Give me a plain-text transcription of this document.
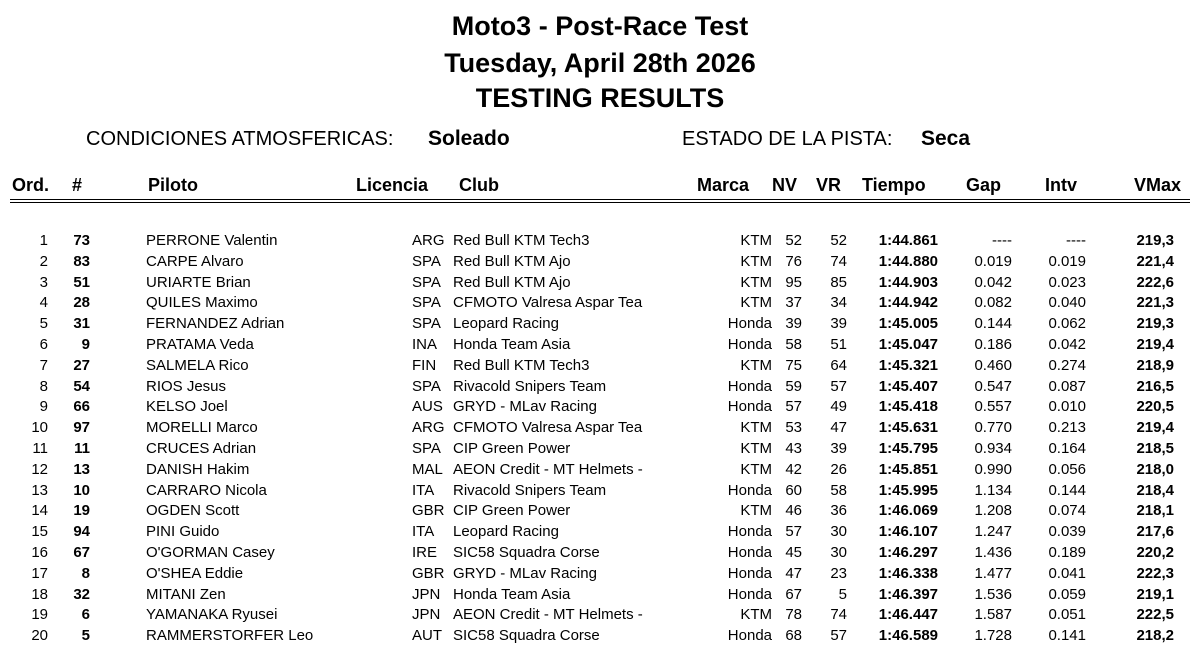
Moto3 - Post-Race Test
Tuesday, April 28th 2026
TESTING RESULTS
CONDICIONES ATMOSFERICAS: Soleado	ESTADO DE LA PISTA: Seca
Ord. #	Piloto	Licencia Club	Marca NV VR Tiempo Gap Intv	VMax
1 73	PERRONE Valentin	ARG Red Bull KTM Tech3	KTM 52 52 1:44.861	----	----	219,3
2 83	CARPE Alvaro	SPA Red Bull KTM Ajo	KTM 76 74 1:44.880 0.019 0.019	221,4
3 51	URIARTE Brian	SPA Red Bull KTM Ajo	KTM 95 85 1:44.903 0.042 0.023	222,6
4 28	QUILES Maximo	SPA CFMOTO Valresa Aspar Tea	KTM 37 34 1:44.942 0.082 0.040	221,3
5 31	FERNANDEZ Adrian	SPA Leopard Racing	Honda 39 39 1:45.005 0.144 0.062	219,3
6 9	PRATAMA Veda	INA Honda Team Asia	Honda 58 51 1:45.047 0.186 0.042	219,4
7 27	SALMELA Rico	FIN Red Bull KTM Tech3	KTM 75 64 1:45.321 0.460 0.274	218,9
8 54	RIOS Jesus	SPA Rivacold Snipers Team	Honda 59 57 1:45.407 0.547 0.087	216,5
9 66	KELSO Joel	AUS GRYD - MLav Racing	Honda 57 49 1:45.418 0.557 0.010	220,5
10 97	MORELLI Marco	ARG CFMOTO Valresa Aspar Tea	KTM 53 47 1:45.631 0.770 0.213	219,4
11 11	CRUCES Adrian	SPA CIP Green Power	KTM 43 39 1:45.795 0.934 0.164	218,5
12 13	DANISH Hakim	MAL AEON Credit - MT Helmets -	KTM 42 26 1:45.851 0.990 0.056	218,0
13 10	CARRARO Nicola	ITA Rivacold Snipers Team	Honda 60 58 1:45.995 1.134 0.144	218,4
14 19	OGDEN Scott	GBR CIP Green Power	KTM 46 36 1:46.069 1.208 0.074	218,1
15 94	PINI Guido	ITA Leopard Racing	Honda 57 30 1:46.107 1.247 0.039	217,6
16 67	O'GORMAN Casey	IRE SIC58 Squadra Corse	Honda 45 30 1:46.297 1.436 0.189	220,2
17 8	O'SHEA Eddie	GBR GRYD - MLav Racing	Honda 47 23 1:46.338 1.477 0.041	222,3
18 32	MITANI Zen	JPN Honda Team Asia	Honda 67 5 1:46.397 1.536 0.059	219,1
19 6	YAMANAKA Ryusei	JPN AEON Credit - MT Helmets -	KTM 78 74 1:46.447 1.587 0.051	222,5
20 5	RAMMERSTORFER Leo	AUT SIC58 Squadra Corse	Honda 68 57 1:46.589 1.728 0.141	218,2
